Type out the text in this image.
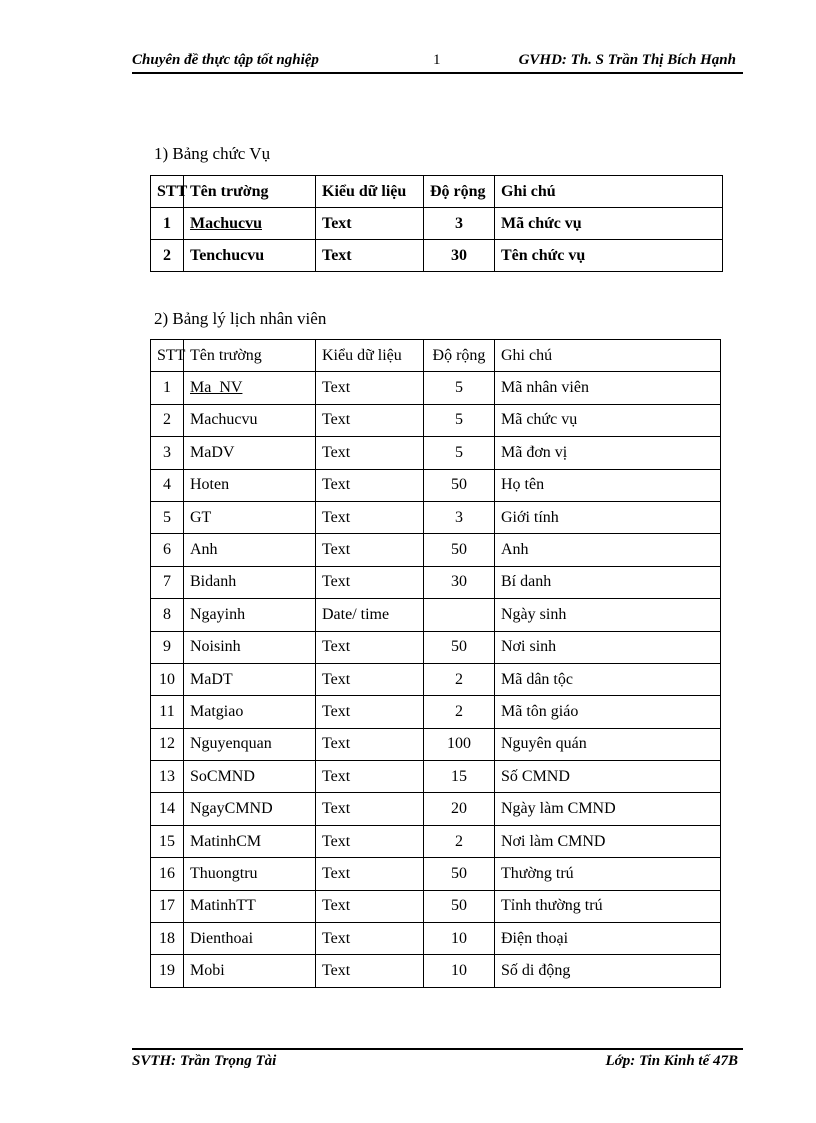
Chuyên đề thực tập tốt nghiệp	1	GVHD: Th. S Trần Thị Bích Hạnh
1) Bảng chức Vụ
STT	Tên trường	Kiểu dữ liệu	Độ rộng	Ghi chú
1	Machucvu	Text	3	Mã chức vụ
2	Tenchucvu	Text	30	Tên chức vụ
2) Bảng lý lịch nhân viên
STT	Tên trường	Kiểu dữ liệu	Độ rộng	Ghi chú
1	Ma_NV	Text	5	Mã nhân viên
2	Machucvu	Text	5	Mã chức vụ
3	MaDV	Text	5	Mã đơn vị
4	Hoten	Text	50	Họ tên
5	GT	Text	3	Giới tính
6	Anh	Text	50	Anh
7	Bidanh	Text	30	Bí danh
8	Ngayinh	Date/ time		Ngày sinh
9	Noisinh	Text	50	Nơi sinh
10	MaDT	Text	2	Mã dân tộc
11	Matgiao	Text	2	Mã tôn giáo
12	Nguyenquan	Text	100	Nguyên quán
13	SoCMND	Text	15	Số CMND
14	NgayCMND	Text	20	Ngày làm CMND
15	MatinhCM	Text	2	Nơi làm CMND
16	Thuongtru	Text	50	Thường trú
17	MatinhTT	Text	50	Tỉnh thường trú
18	Dienthoai	Text	10	Điện thoại
19	Mobi	Text	10	Số di động
SVTH: Trần Trọng Tài	Lớp: Tin Kinh tế 47B
